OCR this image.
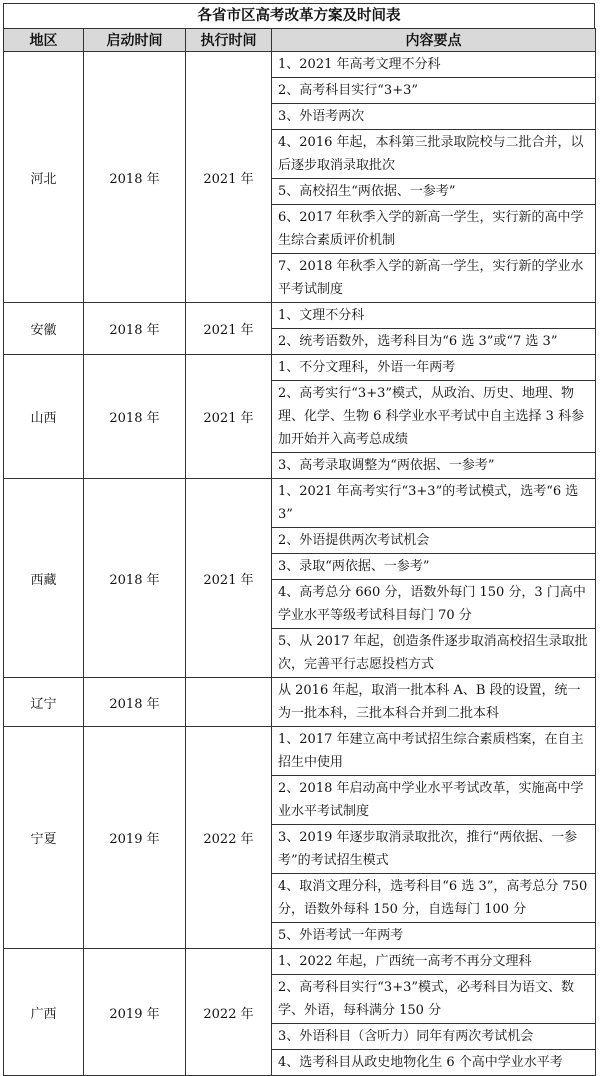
各省市区高考改革方案及时间表
地区	启动时间	执行时间	内容要点
河北	2018 年	2021 年	1、2021 年高考文理不分科
			2、高考科目实行“3+3”
			3、外语考两次
			4、2016 年起，本科第三批录取院校与二批合并，以后逐步取消录取批次
			5、高校招生“两依据、一参考”
			6、2017 年秋季入学的新高一学生，实行新的高中学生综合素质评价机制
			7、2018 年秋季入学的新高一学生，实行新的学业水平考试制度
安徽	2018 年	2021 年	1、文理不分科
			2、统考语数外，选考科目为“6 选 3”或“7 选 3”
山西	2018 年	2021 年	1、不分文理科，外语一年两考
			2、高考实行“3+3”模式，从政治、历史、地理、物理、化学、生物 6 科学业水平考试中自主选择 3 科参加开始并入高考总成绩
			3、高考录取调整为“两依据、一参考”
西藏	2018 年	2021 年	1、2021 年高考实行“3+3”的考试模式，选考“6 选 3”
			2、外语提供两次考试机会
			3、录取“两依据、一参考”
			4、高考总分 660 分，语数外每门 150 分，3 门高中学业水平等级考试科目每门 70 分
			5、从 2017 年起，创造条件逐步取消高校招生录取批次，完善平行志愿投档方式
辽宁	2018 年		从 2016 年起，取消一批本科 A、B 段的设置，统一为一批本科，三批本科合并到二批本科
宁夏	2019 年	2022 年	1、2017 年建立高中考试招生综合素质档案，在自主招生中使用
			2、2018 年启动高中学业水平考试改革，实施高中学业水平考试制度
			3、2019 年逐步取消录取批次，推行“两依据、一参考”的考试招生模式
			4、取消文理分科，选考科目“6 选 3”，高考总分 750 分，语数外每科 150 分，自选每门 100 分
			5、外语考试一年两考
广西	2019 年	2022 年	1、2022 年起，广西统一高考不再分文理科
			2、高考科目实行“3+3”模式，必考科目为语文、数学、外语，每科满分 150 分
			3、外语科目（含听力）同年有两次考试机会
			4、选考科目从政史地物化生 6 个高中学业水平考
